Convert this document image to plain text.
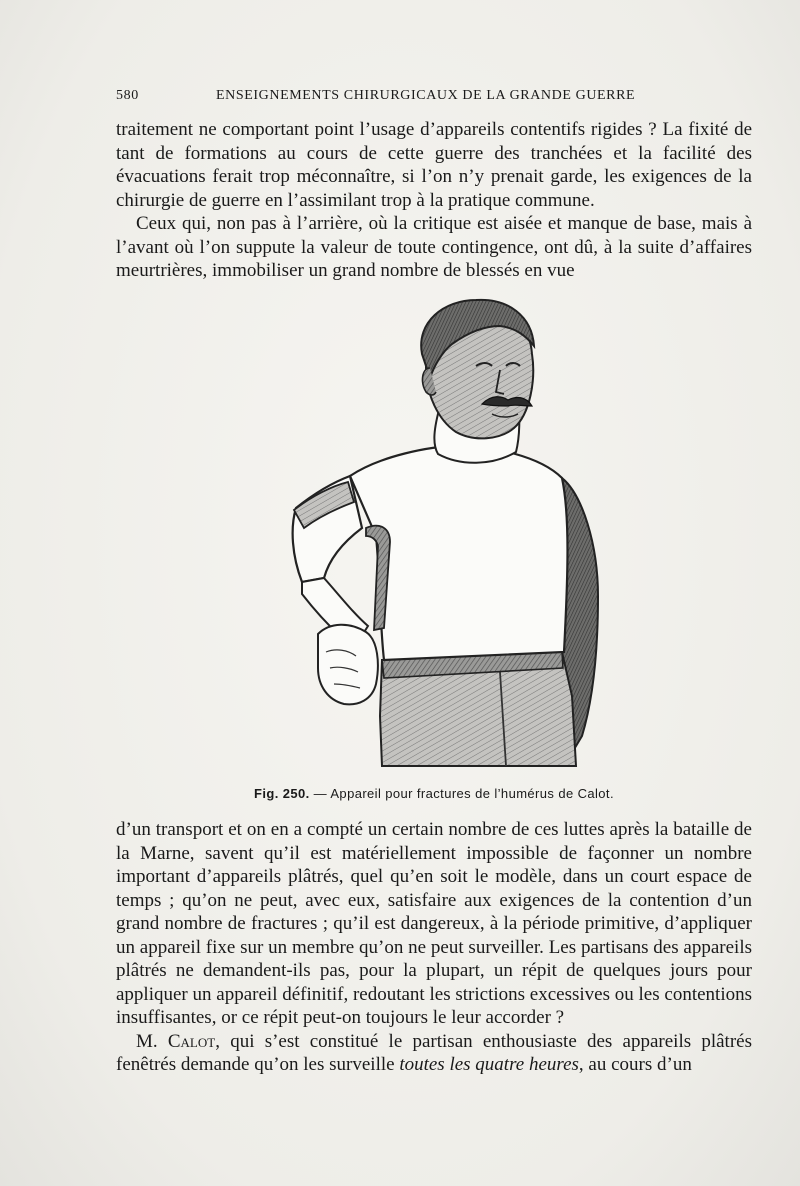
580	ENSEIGNEMENTS CHIRURGICAUX DE LA GRANDE GUERRE

traitement ne comportant point l’usage d’appareils contentifs rigides ? La fixité de tant de formations au cours de cette guerre des tranchées et la facilité des évacuations ferait trop méconnaître, si l’on n’y prenait garde, les exigences de la chirurgie de guerre en l’assimilant trop à la pratique commune.

Ceux qui, non pas à l’arrière, où la critique est aisée et manque de base, mais à l’avant où l’on suppute la valeur de toute contingence, ont dû, à la suite d’affaires meurtrières, immobiliser un grand nombre de blessés en vue

Fig. 250. — Appareil pour fractures de l’humérus de Calot.

d’un transport et on en a compté un certain nombre de ces luttes après la bataille de la Marne, savent qu’il est matériellement impossible de façonner un nombre important d’appareils plâtrés, quel qu’en soit le modèle, dans un court espace de temps ; qu’on ne peut, avec eux, satisfaire aux exigences de la contention d’un grand nombre de fractures ; qu’il est dangereux, à la période primitive, d’appliquer un appareil fixe sur un membre qu’on ne peut surveiller. Les partisans des appareils plâtrés ne demandent-ils pas, pour la plupart, un répit de quelques jours pour appliquer un appareil définitif, redoutant les strictions excessives ou les contentions insuffisantes, or ce répit peut-on toujours le leur accorder ?

M. Calot, qui s’est constitué le partisan enthousiaste des appareils plâtrés fenêtrés demande qu’on les surveille toutes les quatre heures, au cours d’un
